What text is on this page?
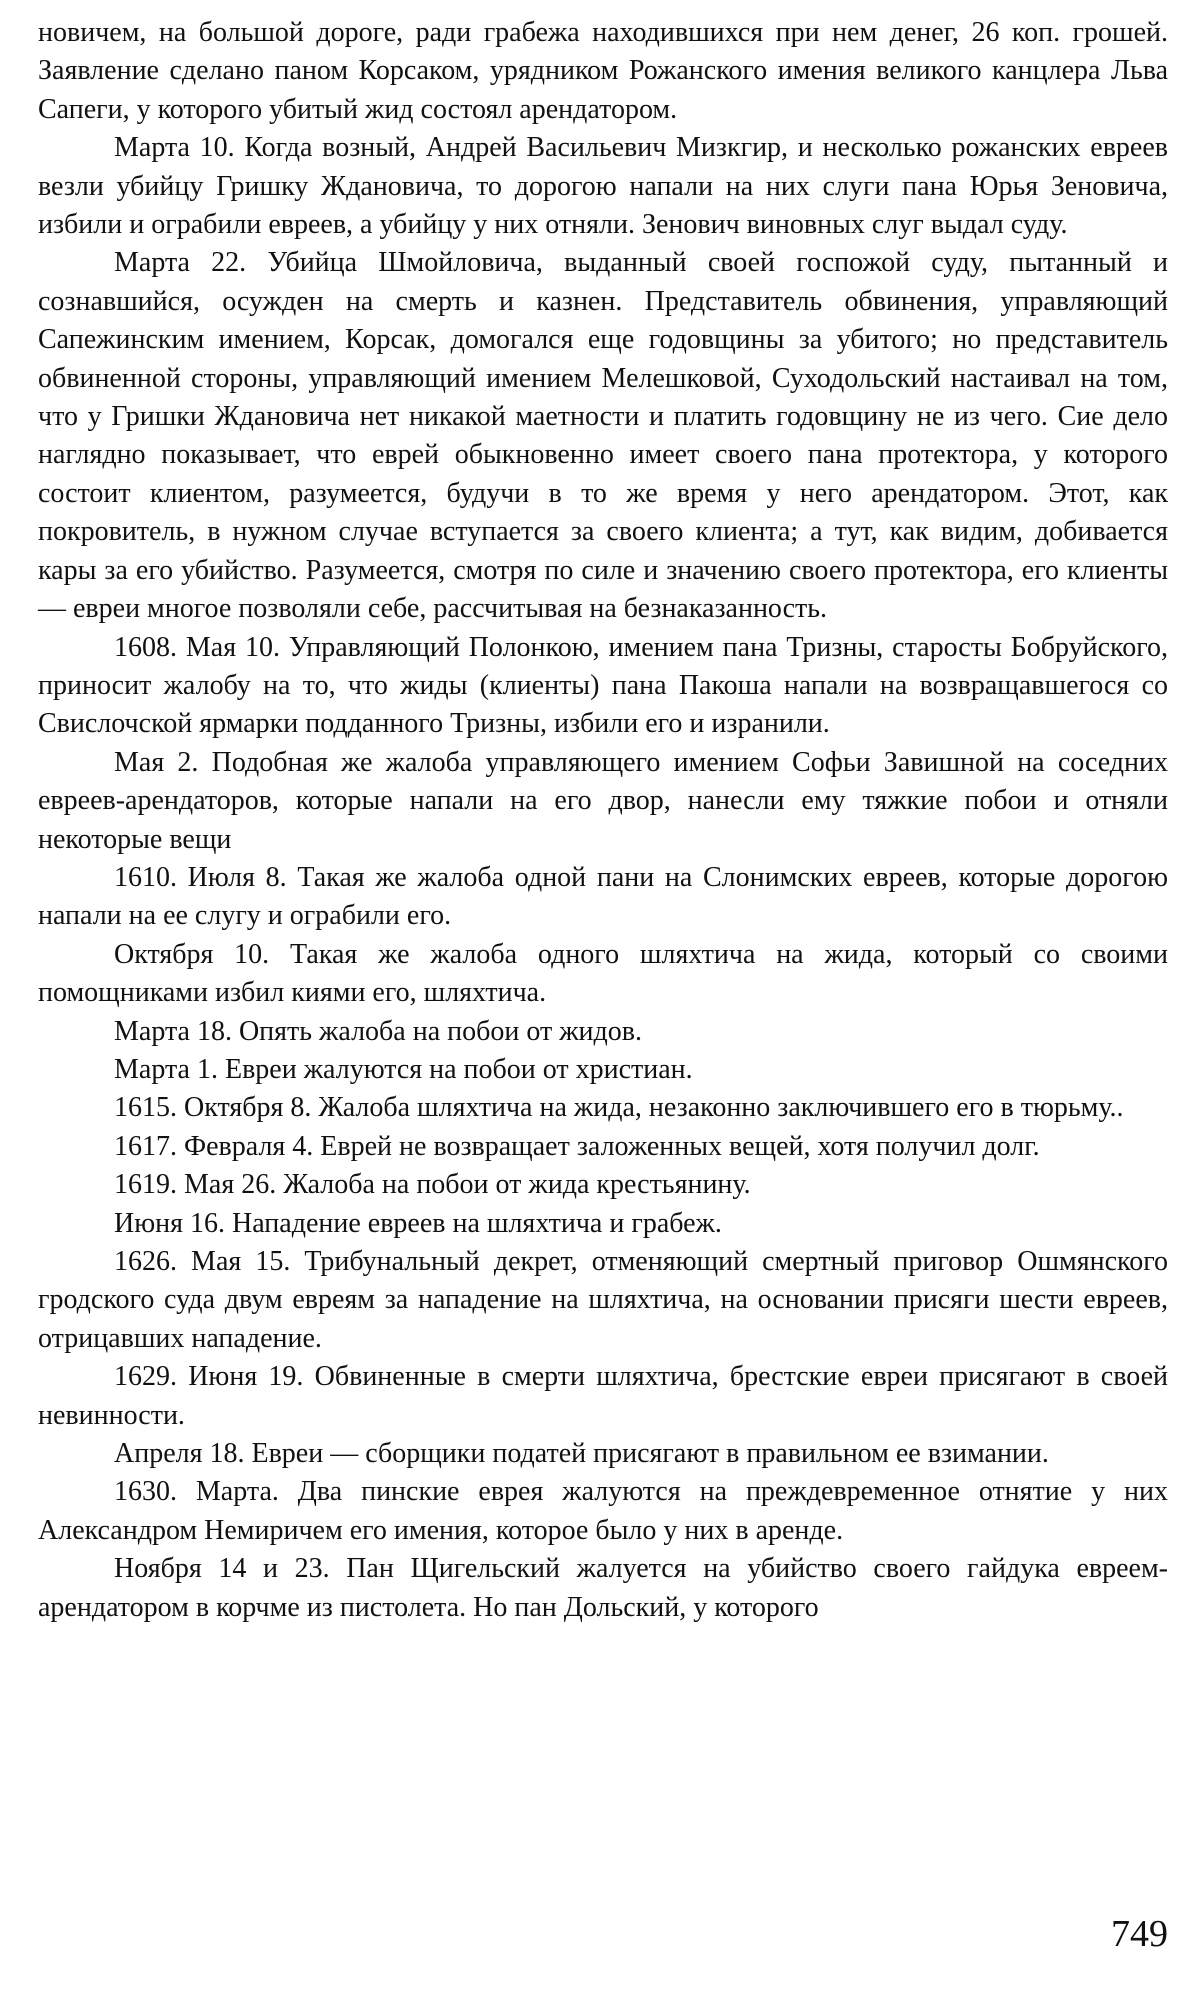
новичем, на большой дороге, ради грабежа находившихся при нем денег, 26 коп. грошей. Заявление сделано паном Корсаком, урядником Рожанского имения великого канцлера Льва Сапеги, у которого убитый жид состоял арендатором.

Марта 10. Когда возный, Андрей Васильевич Мизкгир, и несколько рожанских евреев везли убийцу Гришку Ждановича, то дорогою напали на них слуги пана Юрья Зеновича, избили и ограбили евреев, а убийцу у них отняли. Зенович виновных слуг выдал суду.

Марта 22. Убийца Шмойловича, выданный своей госпожой суду, пытанный и сознавшийся, осужден на смерть и казнен. Представитель обвинения, управляющий Сапежинским имением, Корсак, домогался еще годовщины за убитого; но представитель обвиненной стороны, управляющий имением Мелешковой, Суходольский настаивал на том, что у Гришки Ждановича нет никакой маетности и платить годовщину не из чего. Сие дело наглядно показывает, что еврей обыкновенно имеет своего пана протектора, у которого состоит клиентом, разумеется, будучи в то же время у него арендатором. Этот, как покровитель, в нужном случае вступается за своего клиента; а тут, как видим, добивается кары за его убийство. Разумеется, смотря по силе и значению своего протектора, его клиенты — евреи многое позволяли себе, рассчитывая на безнаказанность.

1608. Мая 10. Управляющий Полонкою, имением пана Тризны, старосты Бобруйского, приносит жалобу на то, что жиды (клиенты) пана Пакоша напали на возвращавшегося со Свислочской ярмарки подданного Тризны, избили его и изранили.

Мая 2. Подобная же жалоба управляющего имением Софьи Завишной на соседних евреев-арендаторов, которые напали на его двор, нанесли ему тяжкие побои и отняли некоторые вещи

1610. Июля 8. Такая же жалоба одной пани на Слонимских евреев, которые дорогою напали на ее слугу и ограбили его.

Октября 10. Такая же жалоба одного шляхтича на жида, который со своими помощниками избил киями его, шляхтича.

Марта 18. Опять жалоба на побои от жидов.

Марта 1. Евреи жалуются на побои от христиан.

1615. Октября 8. Жалоба шляхтича на жида, незаконно заключившего его в тюрьму..

1617. Февраля 4. Еврей не возвращает заложенных вещей, хотя получил долг.

1619. Мая 26. Жалоба на побои от жида крестьянину.

Июня 16. Нападение евреев на шляхтича и грабеж.

1626. Мая 15. Трибунальный декрет, отменяющий смертный приговор Ошмянского гродского суда двум евреям за нападение на шляхтича, на основании присяги шести евреев, отрицавших нападение.

1629. Июня 19. Обвиненные в смерти шляхтича, брестские евреи присягают в своей невинности.

Апреля 18. Евреи — сборщики податей присягают в правильном ее взимании.

1630. Марта. Два пинские еврея жалуются на преждевременное отнятие у них Александром Немиричем его имения, которое было у них в аренде.

Ноября 14 и 23. Пан Щигельский жалуется на убийство своего гайдука евреем-арендатором в корчме из пистолета. Но пан Дольский, у которого

749
